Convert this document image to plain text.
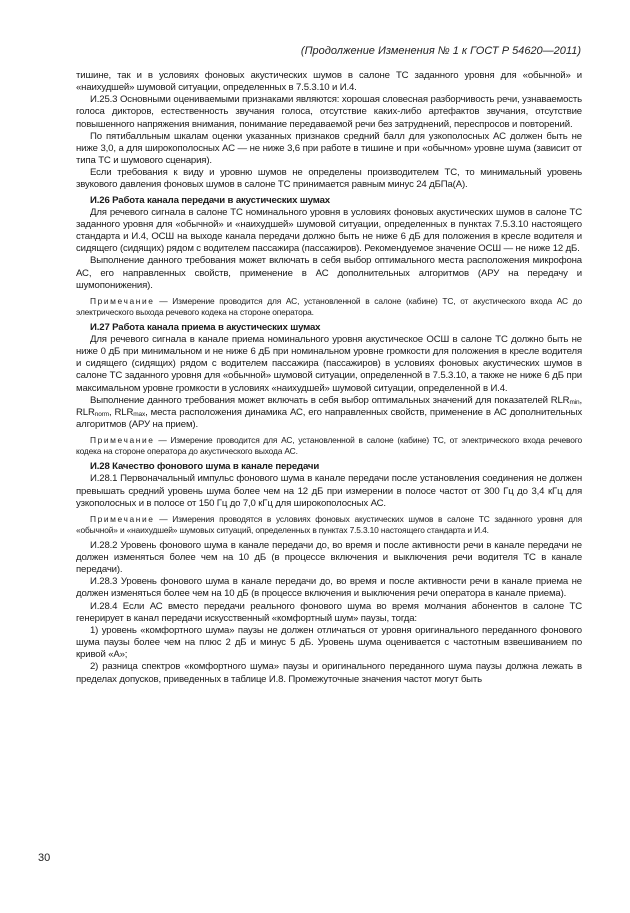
(Продолжение Изменения № 1 к ГОСТ Р 54620—2011)

тишине, так и в условиях фоновых акустических шумов в салоне ТС заданного уровня для «обычной» и «наихудшей» шумовой ситуации, определенных в 7.5.3.10 и И.4.

И.25.3 Основными оцениваемыми признаками являются: хорошая словесная разборчивость речи, узнаваемость голоса дикторов, естественность звучания голоса, отсутствие каких-либо артефактов звучания, отсутствие повышенного напряжения внимания, понимание передаваемой речи без затруднений, переспросов и повторений.

По пятибалльным шкалам оценки указанных признаков средний балл для узкополосных АС должен быть не ниже 3,0, а для широкополосных АС — не ниже 3,6 при работе в тишине и при «обычном» уровне шума (зависит от типа ТС и шумового сценария).

Если требования к виду и уровню шумов не определены производителем ТС, то минимальный уровень звукового давления фоновых шумов в салоне ТС принимается равным минус 24 дБПа(А).

И.26 Работа канала передачи в акустических шумах

Для речевого сигнала в салоне ТС номинального уровня в условиях фоновых акустических шумов в салоне ТС заданного уровня для «обычной» и «наихудшей» шумовой ситуации, определенных в пунктах 7.5.3.10 настоящего стандарта и И.4, ОСШ на выходе канала передачи должно быть не ниже 6 дБ для положения в кресле водителя и сидящего (сидящих) рядом с водителем пассажира (пассажиров). Рекомендуемое значение ОСШ — не ниже 12 дБ.

Выполнение данного требования может включать в себя выбор оптимального места расположения микрофона АС, его направленных свойств, применение в АС дополнительных алгоритмов (АРУ на передачу и шумопонижения).

Примечание — Измерение проводится для АС, установленной в салоне (кабине) ТС, от акустического входа АС до электрического выхода речевого кодека на стороне оператора.

И.27 Работа канала приема в акустических шумах

Для речевого сигнала в канале приема номинального уровня акустическое ОСШ в салоне ТС должно быть не ниже 0 дБ при минимальном и не ниже 6 дБ при номинальном уровне громкости для положения в кресле водителя и сидящего (сидящих) рядом с водителем пассажира (пассажиров) в условиях фоновых акустических шумов в салоне ТС заданного уровня для «обычной» шумовой ситуации, определенной в 7.5.3.10, а также не ниже 6 дБ при максимальном уровне громкости в условиях «наихудшей» шумовой ситуации, определенной в И.4.

Выполнение данного требования может включать в себя выбор оптимальных значений для показателей $RLR_{min}$, $RLR_{norm}$, $RLR_{max}$, места расположения динамика АС, его направленных свойств, применение в АС дополнительных алгоритмов (АРУ на прием).

Примечание — Измерение проводится для АС, установленной в салоне (кабине) ТС, от электрического входа речевого кодека на стороне оператора до акустического выхода АС.

И.28 Качество фонового шума в канале передачи

И.28.1 Первоначальный импульс фонового шума в канале передачи после установления соединения не должен превышать средний уровень шума более чем на 12 дБ при измерении в полосе частот от 300 Гц до 3,4 кГц для узкополосных и в полосе от 150 Гц до 7,0 кГц для широкополосных АС.

Примечание — Измерения проводятся в условиях фоновых акустических шумов в салоне ТС заданного уровня для «обычной» и «наихудшей» шумовых ситуаций, определенных в пунктах 7.5.3.10 настоящего стандарта и И.4.

И.28.2 Уровень фонового шума в канале передачи до, во время и после активности речи в канале передачи не должен изменяться более чем на 10 дБ (в процессе включения и выключения речи водителя ТС в канале передачи).

И.28.3 Уровень фонового шума в канале передачи до, во время и после активности речи в канале приема не должен изменяться более чем на 10 дБ (в процессе включения и выключения речи оператора в канале приема).

И.28.4 Если АС вместо передачи реального фонового шума во время молчания абонентов в салоне ТС генерирует в канал передачи искусственный «комфортный шум» паузы, тогда:

1) уровень «комфортного шума» паузы не должен отличаться от уровня оригинального переданного фонового шума паузы более чем на плюс 2 дБ и минус 5 дБ. Уровень шума оценивается с частотным взвешиванием по кривой «А»;

2) разница спектров «комфортного шума» паузы и оригинального переданного шума паузы должна лежать в пределах допусков, приведенных в таблице И.8. Промежуточные значения частот могут быть

30
